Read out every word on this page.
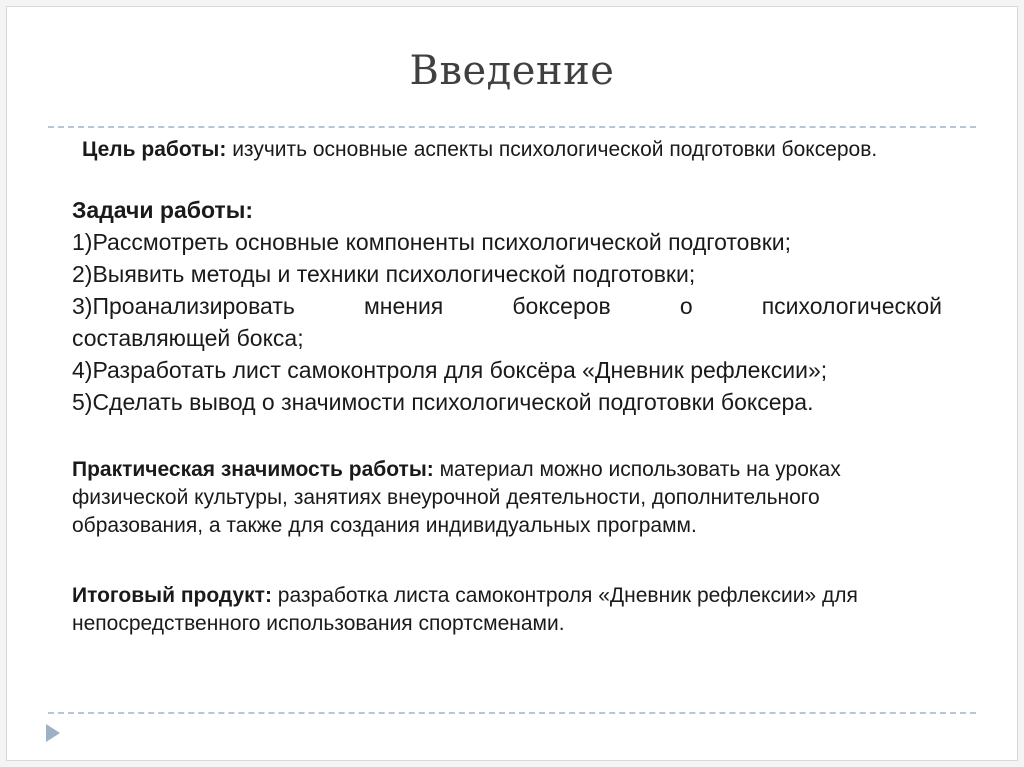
Введение
Цель работы: изучить основные аспекты психологической подготовки боксеров.
Задачи работы:
1)Рассмотреть основные компоненты психологической подготовки;
2)Выявить методы и техники психологической подготовки;
3)Проанализировать мнения боксеров о психологической
составляющей бокса;
4)Разработать лист самоконтроля для боксёра «Дневник рефлексии»;
5)Сделать вывод о значимости психологической подготовки боксера.
Практическая значимость работы: материал можно использовать на уроках физической культуры, занятиях внеурочной деятельности, дополнительного образования, а также для создания индивидуальных программ.
Итоговый продукт: разработка листа самоконтроля «Дневник рефлексии» для непосредственного использования спортсменами.
